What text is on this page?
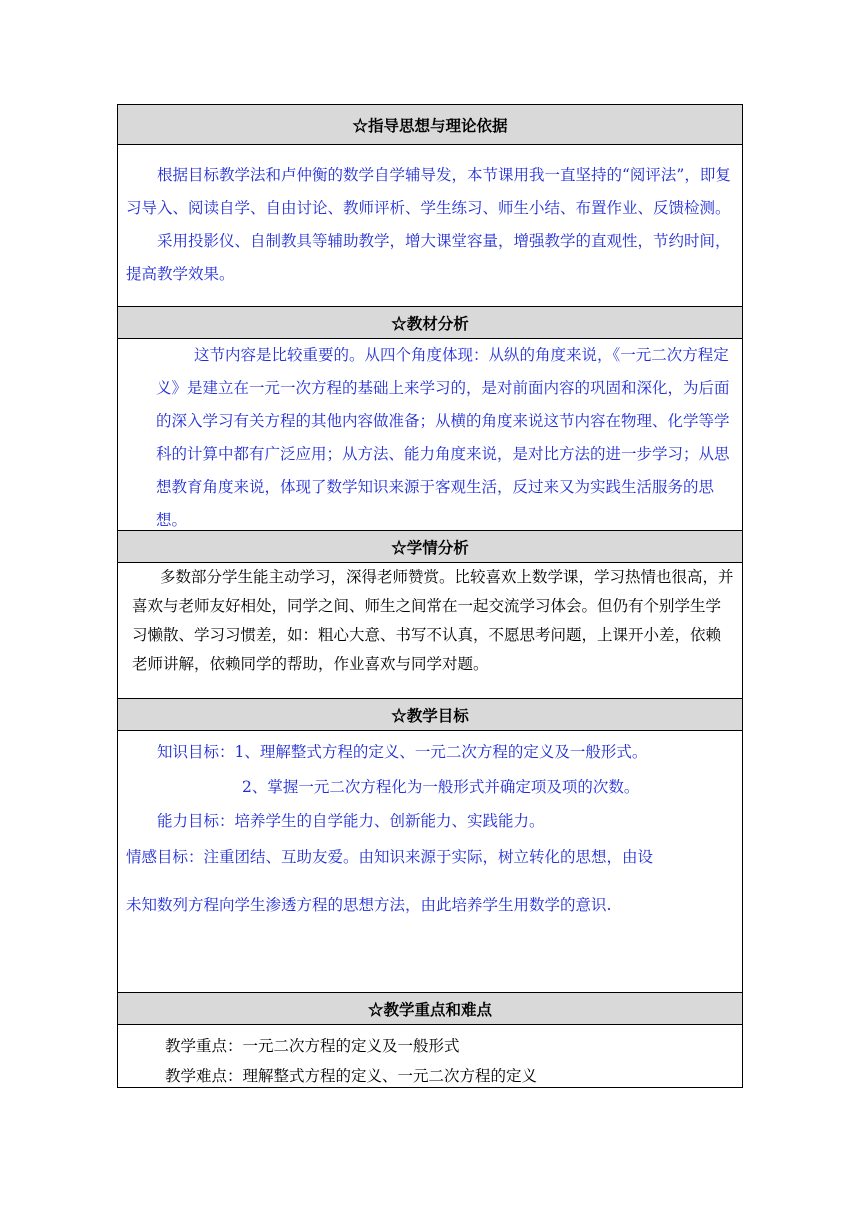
☆指导思想与理论依据

根据目标教学法和卢仲衡的数学自学辅导发，本节课用我一直坚持的“阅评法”，即复习导入、阅读自学、自由讨论、教师评析、学生练习、师生小结、布置作业、反馈检测。

采用投影仪、自制教具等辅助教学，增大课堂容量，增强教学的直观性，节约时间，提高教学效果。

☆教材分析

这节内容是比较重要的。从四个角度体现：从纵的角度来说，《一元二次方程定义》是建立在一元一次方程的基础上来学习的，是对前面内容的巩固和深化，为后面的深入学习有关方程的其他内容做准备；从横的角度来说这节内容在物理、化学等学科的计算中都有广泛应用；从方法、能力角度来说，是对比方法的进一步学习；从思想教育角度来说，体现了数学知识来源于客观生活，反过来又为实践生活服务的思想。

☆学情分析

多数部分学生能主动学习，深得老师赞赏。比较喜欢上数学课，学习热情也很高，并喜欢与老师友好相处，同学之间、师生之间常在一起交流学习体会。但仍有个别学生学习懒散、学习习惯差，如：粗心大意、书写不认真，不愿思考问题，上课开小差，依赖老师讲解，依赖同学的帮助，作业喜欢与同学对题。

☆教学目标

知识目标：1、理解整式方程的定义、一元二次方程的定义及一般形式。

2、掌握一元二次方程化为一般形式并确定项及项的次数。

能力目标：培养学生的自学能力、创新能力、实践能力。

情感目标：注重团结、互助友爱。由知识来源于实际，树立转化的思想，由设

未知数列方程向学生渗透方程的思想方法，由此培养学生用数学的意识.

☆教学重点和难点

教学重点：一元二次方程的定义及一般形式

教学难点：理解整式方程的定义、一元二次方程的定义
